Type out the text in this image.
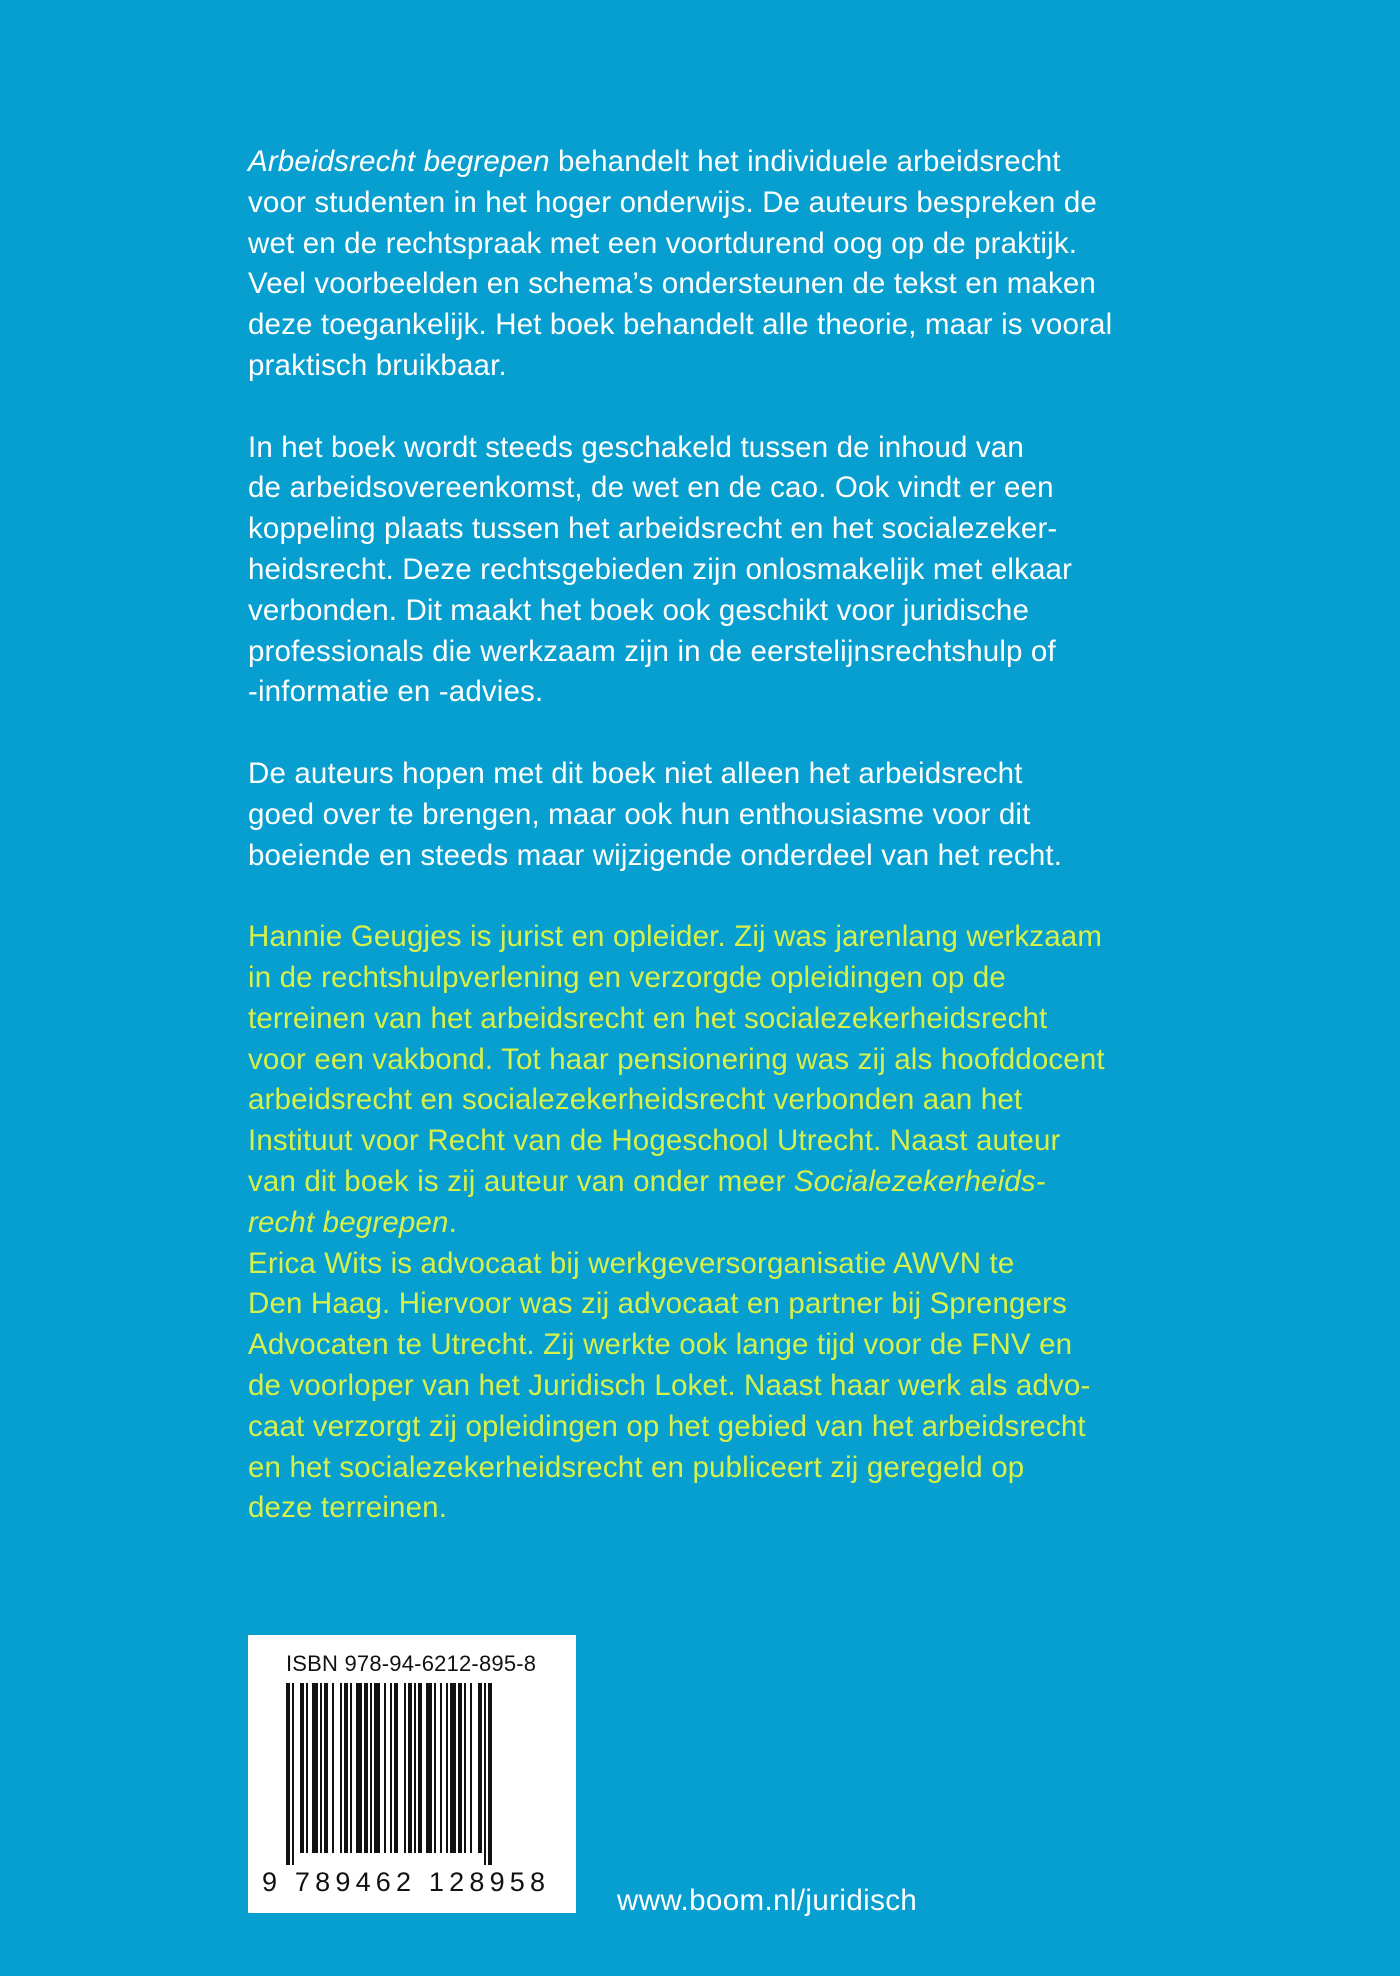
Arbeidsrecht begrepen behandelt het individuele arbeidsrecht
voor studenten in het hoger onderwijs. De auteurs bespreken de
wet en de rechtspraak met een voortdurend oog op de praktijk.
Veel voorbeelden en schema’s ondersteunen de tekst en maken
deze toegankelijk. Het boek behandelt alle theorie, maar is vooral
praktisch bruikbaar.

In het boek wordt steeds geschakeld tussen de inhoud van
de arbeidsovereenkomst, de wet en de cao. Ook vindt er een
koppeling plaats tussen het arbeidsrecht en het socialezeker-
heidsrecht. Deze rechtsgebieden zijn onlosmakelijk met elkaar
verbonden. Dit maakt het boek ook geschikt voor juridische
professionals die werkzaam zijn in de eerstelijnsrechtshulp of
-informatie en -advies.

De auteurs hopen met dit boek niet alleen het arbeidsrecht
goed over te brengen, maar ook hun enthousiasme voor dit
boeiende en steeds maar wijzigende onderdeel van het recht.

Hannie Geugjes is jurist en opleider. Zij was jarenlang werkzaam
in de rechtshulpverlening en verzorgde opleidingen op de
terreinen van het arbeidsrecht en het socialezekerheidsrecht
voor een vakbond. Tot haar pensionering was zij als hoofddocent
arbeidsrecht en socialezekerheidsrecht verbonden aan het
Instituut voor Recht van de Hogeschool Utrecht. Naast auteur
van dit boek is zij auteur van onder meer Socialezekerheids-
recht begrepen.

Erica Wits is advocaat bij werkgeversorganisatie AWVN te
Den Haag. Hiervoor was zij advocaat en partner bij Sprengers
Advocaten te Utrecht. Zij werkte ook lange tijd voor de FNV en
de voorloper van het Juridisch Loket. Naast haar werk als advo-
caat verzorgt zij opleidingen op het gebied van het arbeidsrecht
en het socialezekerheidsrecht en publiceert zij geregeld op
deze terreinen.

ISBN 978-94-6212-895-8
9 789462 128958
www.boom.nl/juridisch
